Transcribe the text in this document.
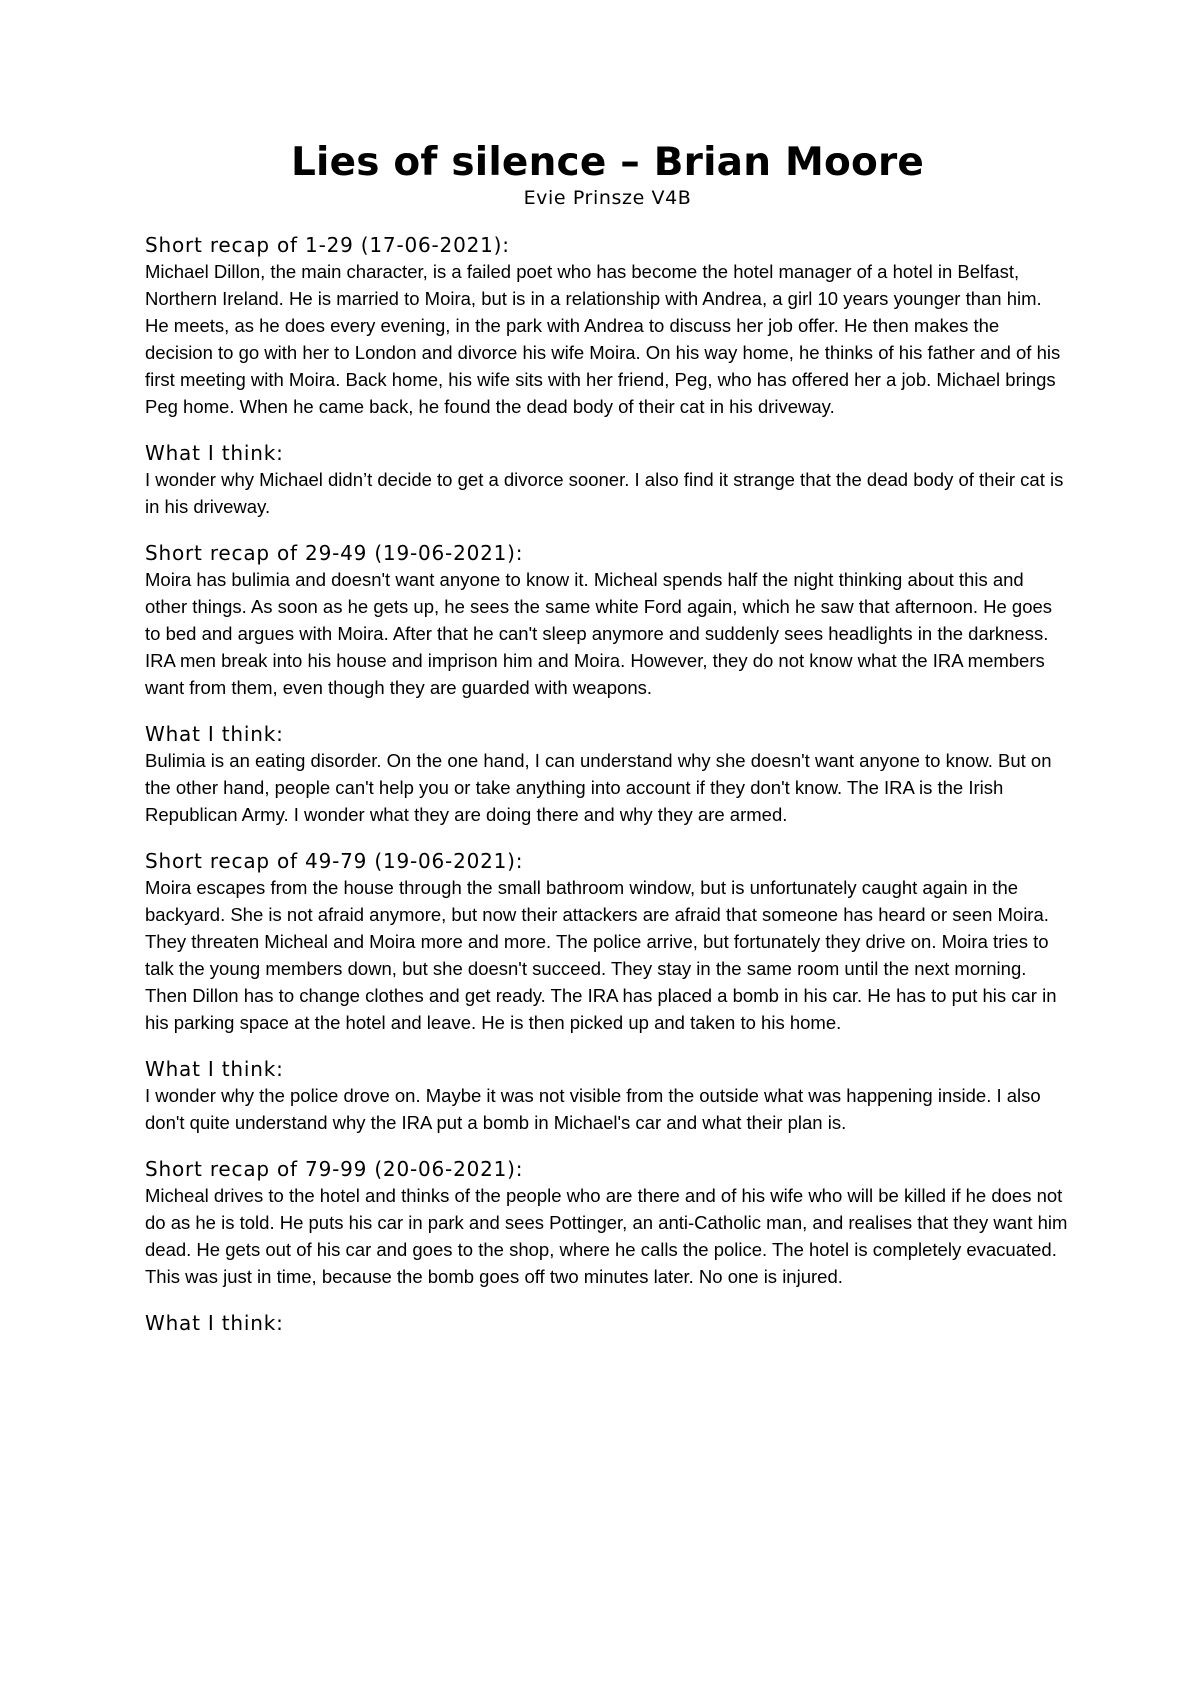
Lies of silence – Brian Moore
Evie Prinsze V4B
Short recap of 1-29 (17-06-2021):

Michael Dillon, the main character, is a failed poet who has become the hotel manager of a hotel in Belfast, Northern Ireland. He is married to Moira, but is in a relationship with Andrea, a girl 10 years younger than him. He meets, as he does every evening, in the park with Andrea to discuss her job offer. He then makes the decision to go with her to London and divorce his wife Moira. On his way home, he thinks of his father and of his first meeting with Moira. Back home, his wife sits with her friend, Peg, who has offered her a job. Michael brings Peg home. When he came back, he found the dead body of their cat in his driveway.

What I think:

I wonder why Michael didn’t decide to get a divorce sooner. I also find it strange that the dead body of their cat is in his driveway.

Short recap of 29-49 (19-06-2021):

Moira has bulimia and doesn't want anyone to know it. Micheal spends half the night thinking about this and other things. As soon as he gets up, he sees the same white Ford again, which he saw that afternoon. He goes to bed and argues with Moira. After that he can't sleep anymore and suddenly sees headlights in the darkness. IRA men break into his house and imprison him and Moira. However, they do not know what the IRA members want from them, even though they are guarded with weapons.

What I think:

Bulimia is an eating disorder. On the one hand, I can understand why she doesn't want anyone to know. But on the other hand, people can't help you or take anything into account if they don't know. The IRA is the Irish Republican Army. I wonder what they are doing there and why they are armed.

Short recap of 49-79 (19-06-2021):

Moira escapes from the house through the small bathroom window, but is unfortunately caught again in the backyard. She is not afraid anymore, but now their attackers are afraid that someone has heard or seen Moira. They threaten Micheal and Moira more and more. The police arrive, but fortunately they drive on. Moira tries to talk the young members down, but she doesn't succeed. They stay in the same room until the next morning. Then Dillon has to change clothes and get ready. The IRA has placed a bomb in his car. He has to put his car in his parking space at the hotel and leave. He is then picked up and taken to his home.

What I think:

I wonder why the police drove on. Maybe it was not visible from the outside what was happening inside. I also don't quite understand why the IRA put a bomb in Michael's car and what their plan is.

Short recap of 79-99 (20-06-2021):

Micheal drives to the hotel and thinks of the people who are there and of his wife who will be killed if he does not do as he is told. He puts his car in park and sees Pottinger, an anti-Catholic man, and realises that they want him dead. He gets out of his car and goes to the shop, where he calls the police. The hotel is completely evacuated. This was just in time, because the bomb goes off two minutes later. No one is injured.

What I think:
